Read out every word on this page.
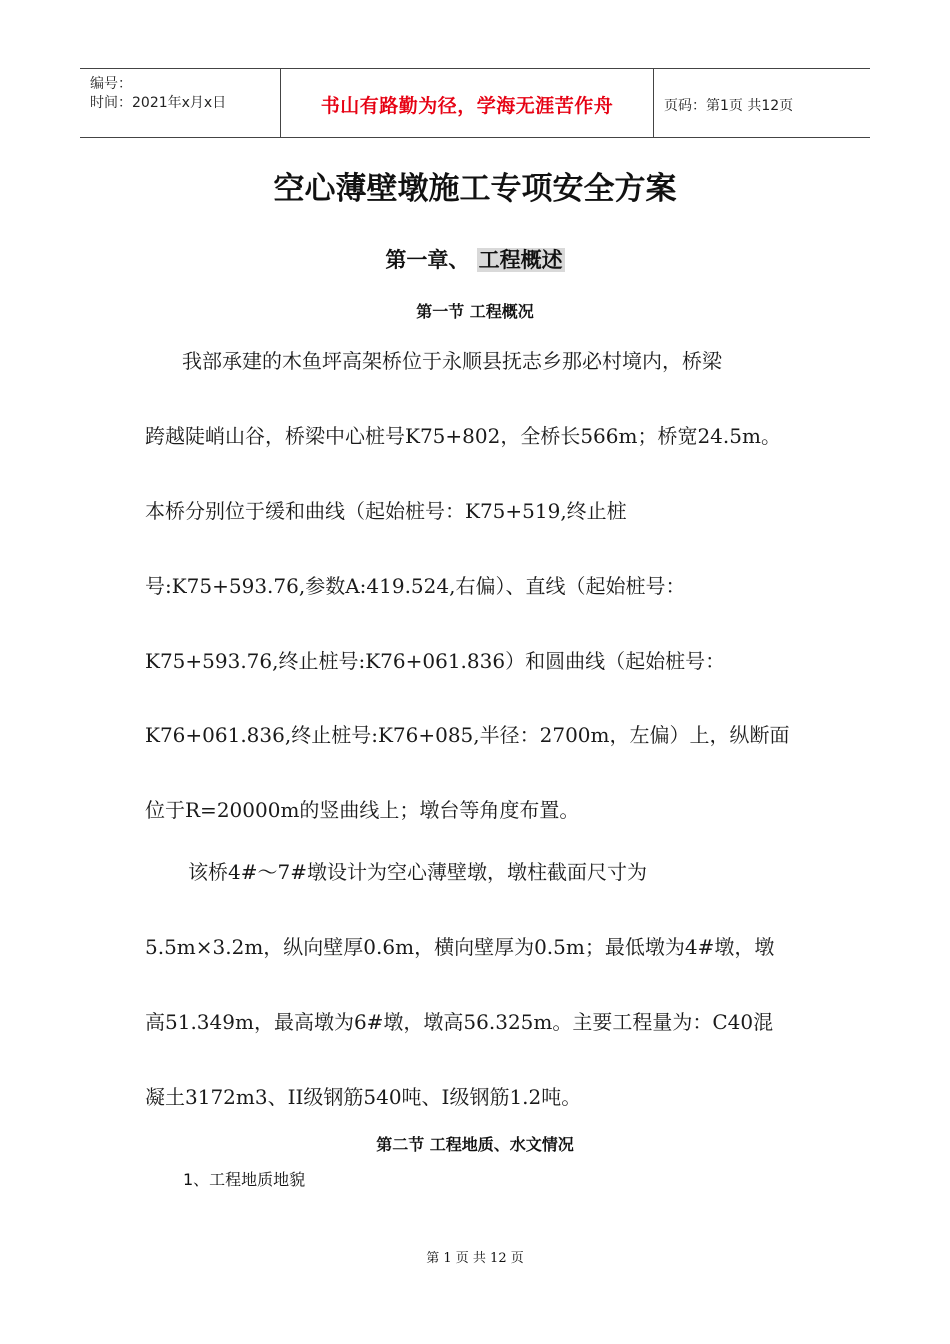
编号：
时间：2021年x月x日	书山有路勤为径，学海无涯苦作舟	页码：第1页 共12页
空心薄壁墩施工专项安全方案
第一章、 工程概述
第一节 工程概况
我部承建的木鱼坪高架桥位于永顺县抚志乡那必村境内，桥梁
跨越陡峭山谷，桥梁中心桩号K75+802，全桥长566m；桥宽24.5m。
本桥分别位于缓和曲线（起始桩号：K75+519,终止桩
号:K75+593.76,参数A:419.524,右偏）、直线（起始桩号：
K75+593.76,终止桩号:K76+061.836）和圆曲线（起始桩号：
K76+061.836,终止桩号:K76+085,半径：2700m，左偏）上，纵断面
位于R=20000m的竖曲线上；墩台等角度布置。
该桥4#～7#墩设计为空心薄壁墩，墩柱截面尺寸为
5.5m×3.2m，纵向壁厚0.6m，横向壁厚为0.5m；最低墩为4#墩，墩
高51.349m，最高墩为6#墩，墩高56.325m。主要工程量为：C40混
凝土3172m3、II级钢筋540吨、I级钢筋1.2吨。
第二节 工程地质、水文情况
1、工程地质地貌
第 1 页 共 12 页
